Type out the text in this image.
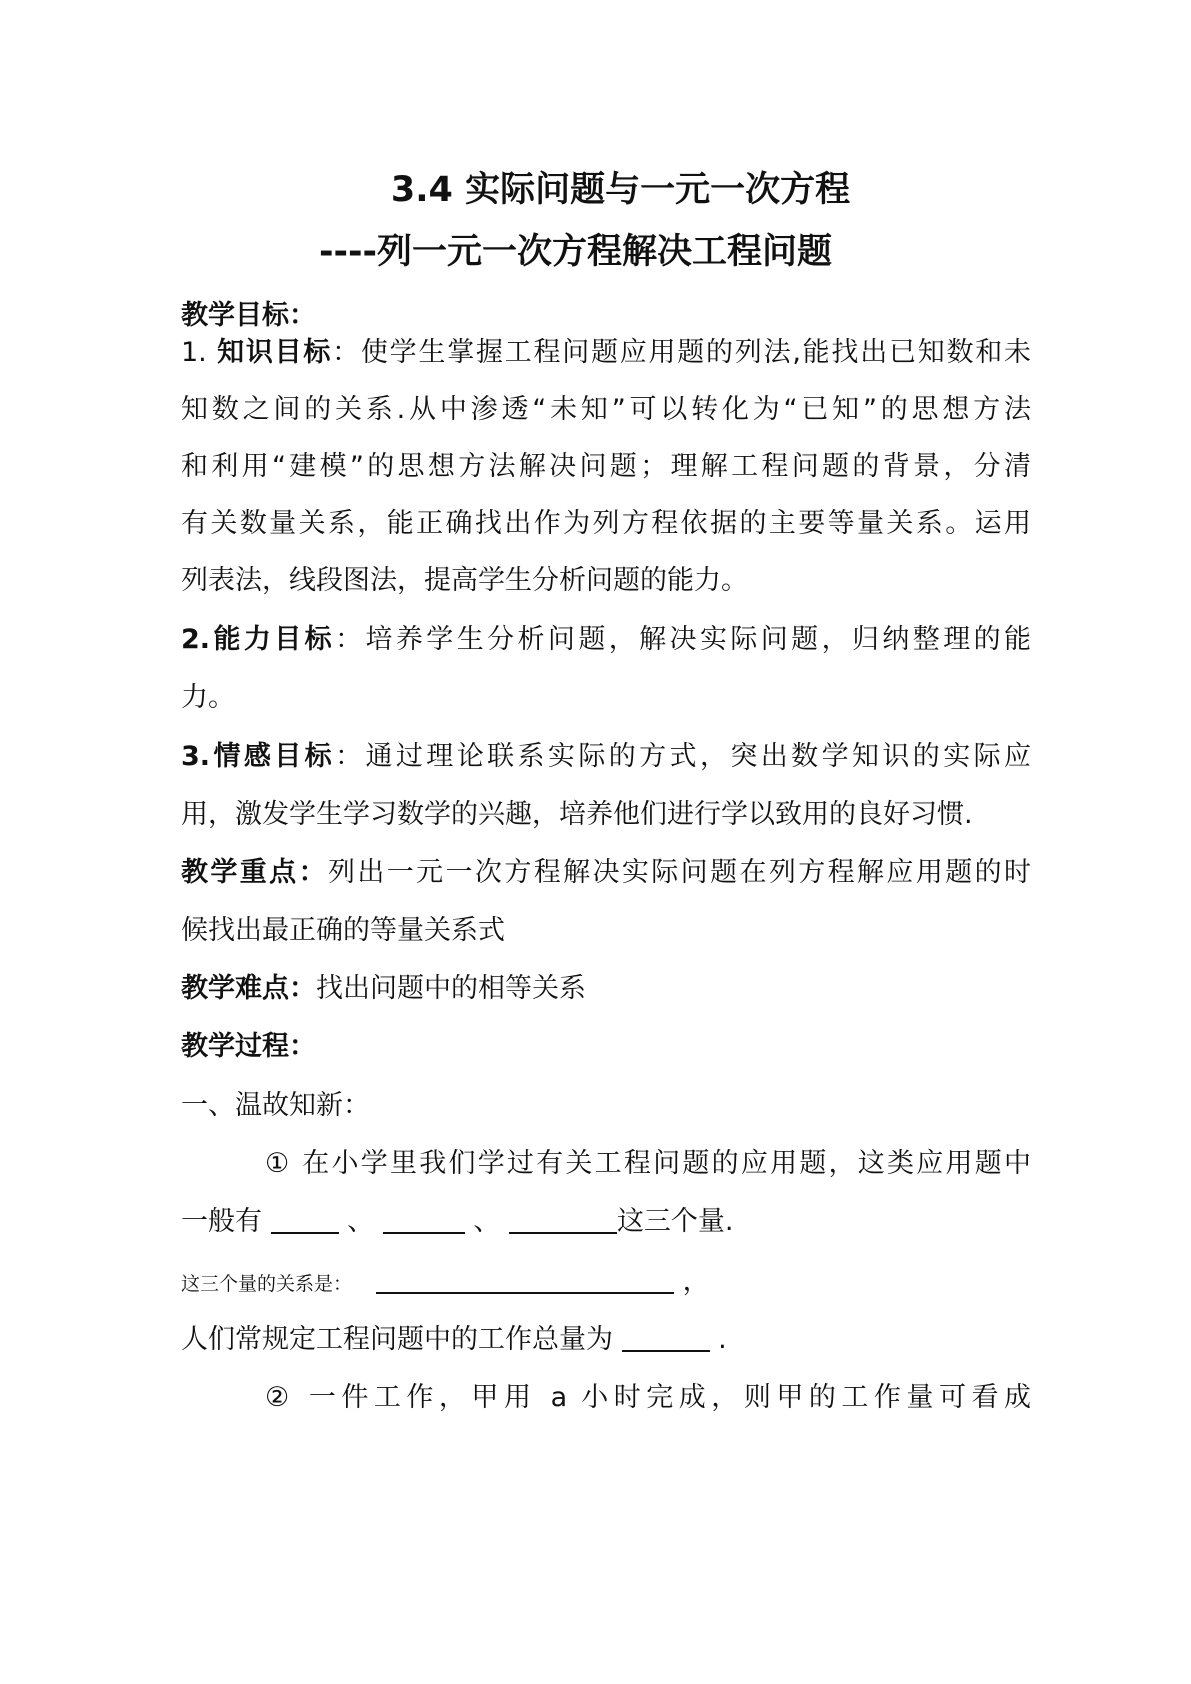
3.4 实际问题与一元一次方程
----列一元一次方程解决工程问题
教学目标：
1. 知识目标：使学生掌握工程问题应用题的列法,能找出已知数和未
知数之间的关系.从中渗透“未知”可以转化为“已知”的思想方法
和利用“建模”的思想方法解决问题；理解工程问题的背景，分清
有关数量关系，能正确找出作为列方程依据的主要等量关系。运用
列表法，线段图法，提高学生分析问题的能力。
2.能力目标：培养学生分析问题，解决实际问题，归纳整理的能
力。
3.情感目标：通过理论联系实际的方式，突出数学知识的实际应
用，激发学生学习数学的兴趣，培养他们进行学以致用的良好习惯.
教学重点：列出一元一次方程解决实际问题在列方程解应用题的时
候找出最正确的等量关系式
教学难点：找出问题中的相等关系
教学过程：
一、温故知新：
① 在小学里我们学过有关工程问题的应用题，这类应用题中
一般有	、	、	这三个量.
这三个量的关系是：	，
人们常规定工程问题中的工作总量为	.
② 一件工作，甲用 a 小时完成，则甲的工作量可看成
